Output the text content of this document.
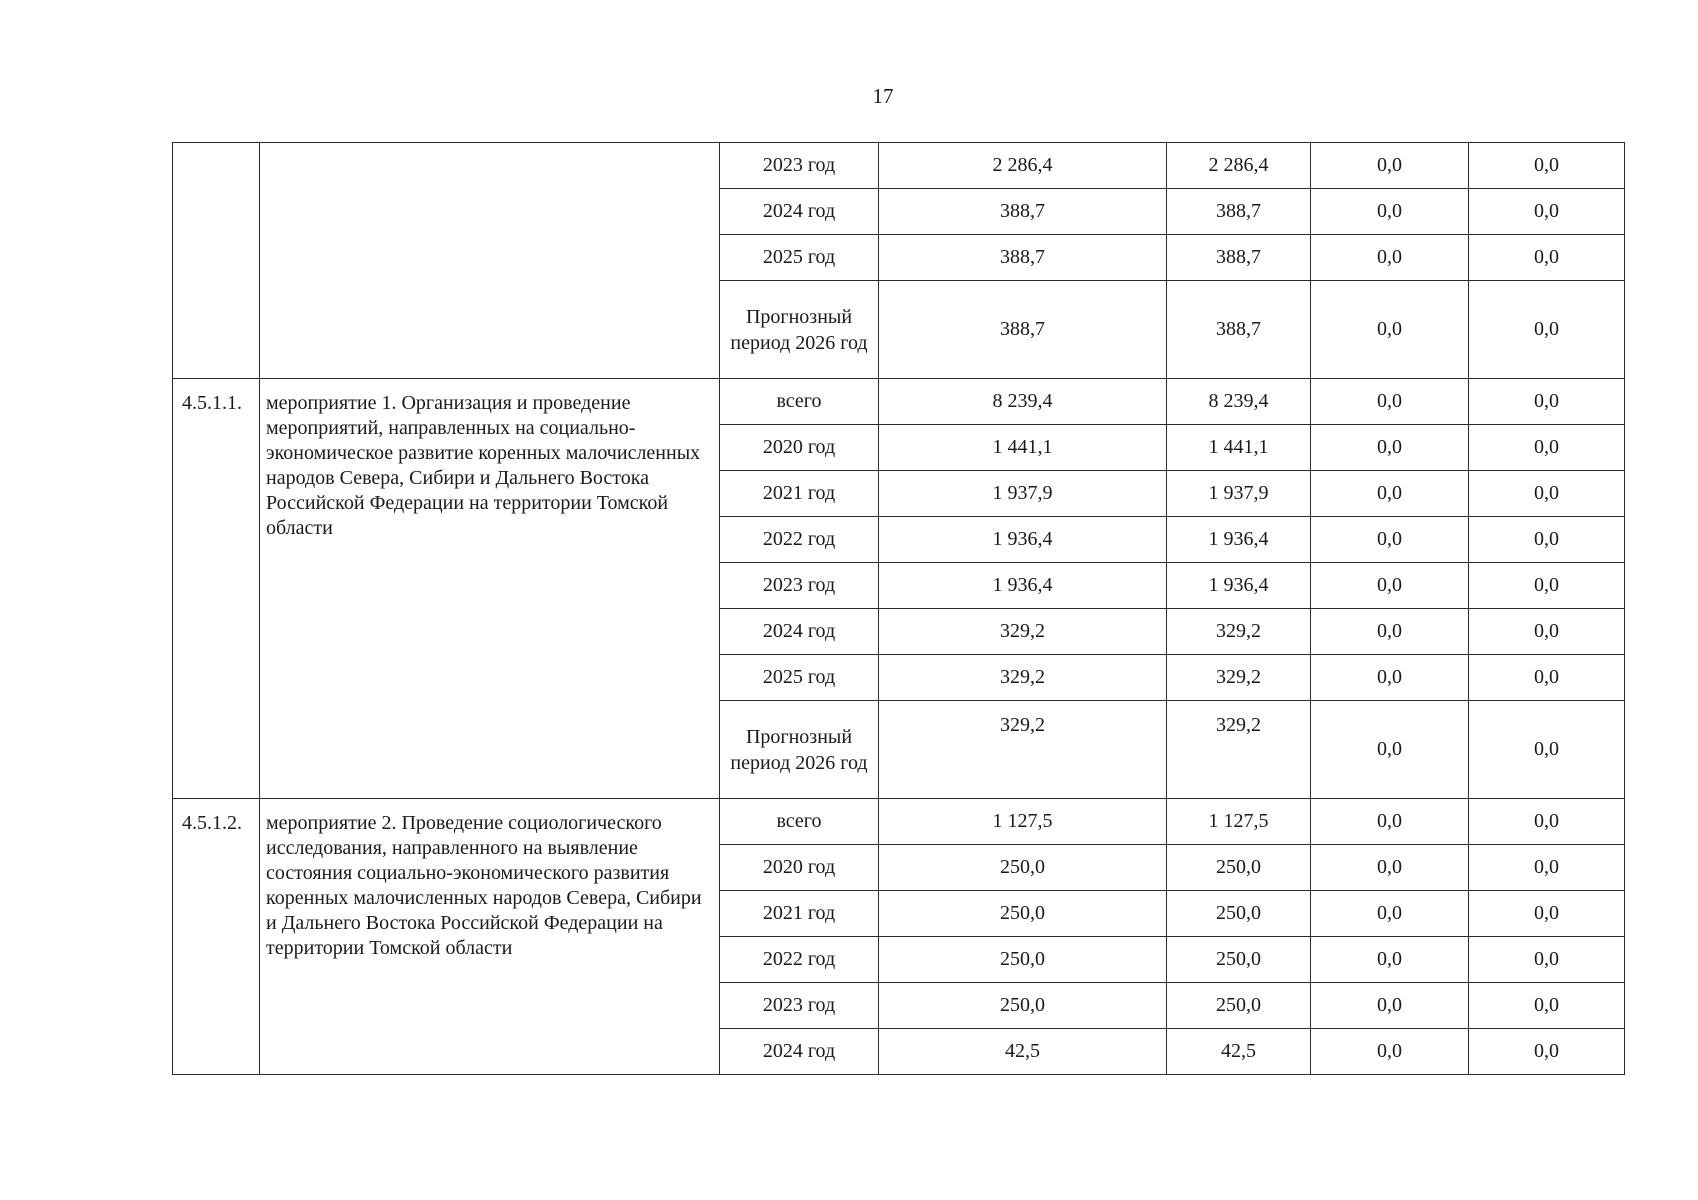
17
		2023 год	2 286,4	2 286,4	0,0	0,0
		2024 год	388,7	388,7	0,0	0,0
		2025 год	388,7	388,7	0,0	0,0

		Прогнозный период 2026 год	388,7	388,7	0,0	0,0
4.5.1.1.	мероприятие 1. Организация и проведение мероприятий, направленных на социально-экономическое развитие коренных малочисленных народов Севера, Сибири и Дальнего Востока Российской Федерации на территории Томской области	всего	8 239,4	8 239,4	0,0	0,0
		2020 год	1 441,1	1 441,1	0,0	0,0
		2021 год	1 937,9	1 937,9	0,0	0,0
		2022 год	1 936,4	1 936,4	0,0	0,0
		2023 год	1 936,4	1 936,4	0,0	0,0
		2024 год	329,2	329,2	0,0	0,0
		2025 год	329,2	329,2	0,0	0,0

		Прогнозный период 2026 год	329,2	329,2	0,0	0,0
4.5.1.2.	мероприятие 2. Проведение социологического исследования, направленного на выявление состояния социально-экономического развития коренных малочисленных народов Севера, Сибири и Дальнего Востока Российской Федерации на территории Томской области	всего	1 127,5	1 127,5	0,0	0,0
		2020 год	250,0	250,0	0,0	0,0
		2021 год	250,0	250,0	0,0	0,0
		2022 год	250,0	250,0	0,0	0,0
		2023 год	250,0	250,0	0,0	0,0
		2024 год	42,5	42,5	0,0	0,0
